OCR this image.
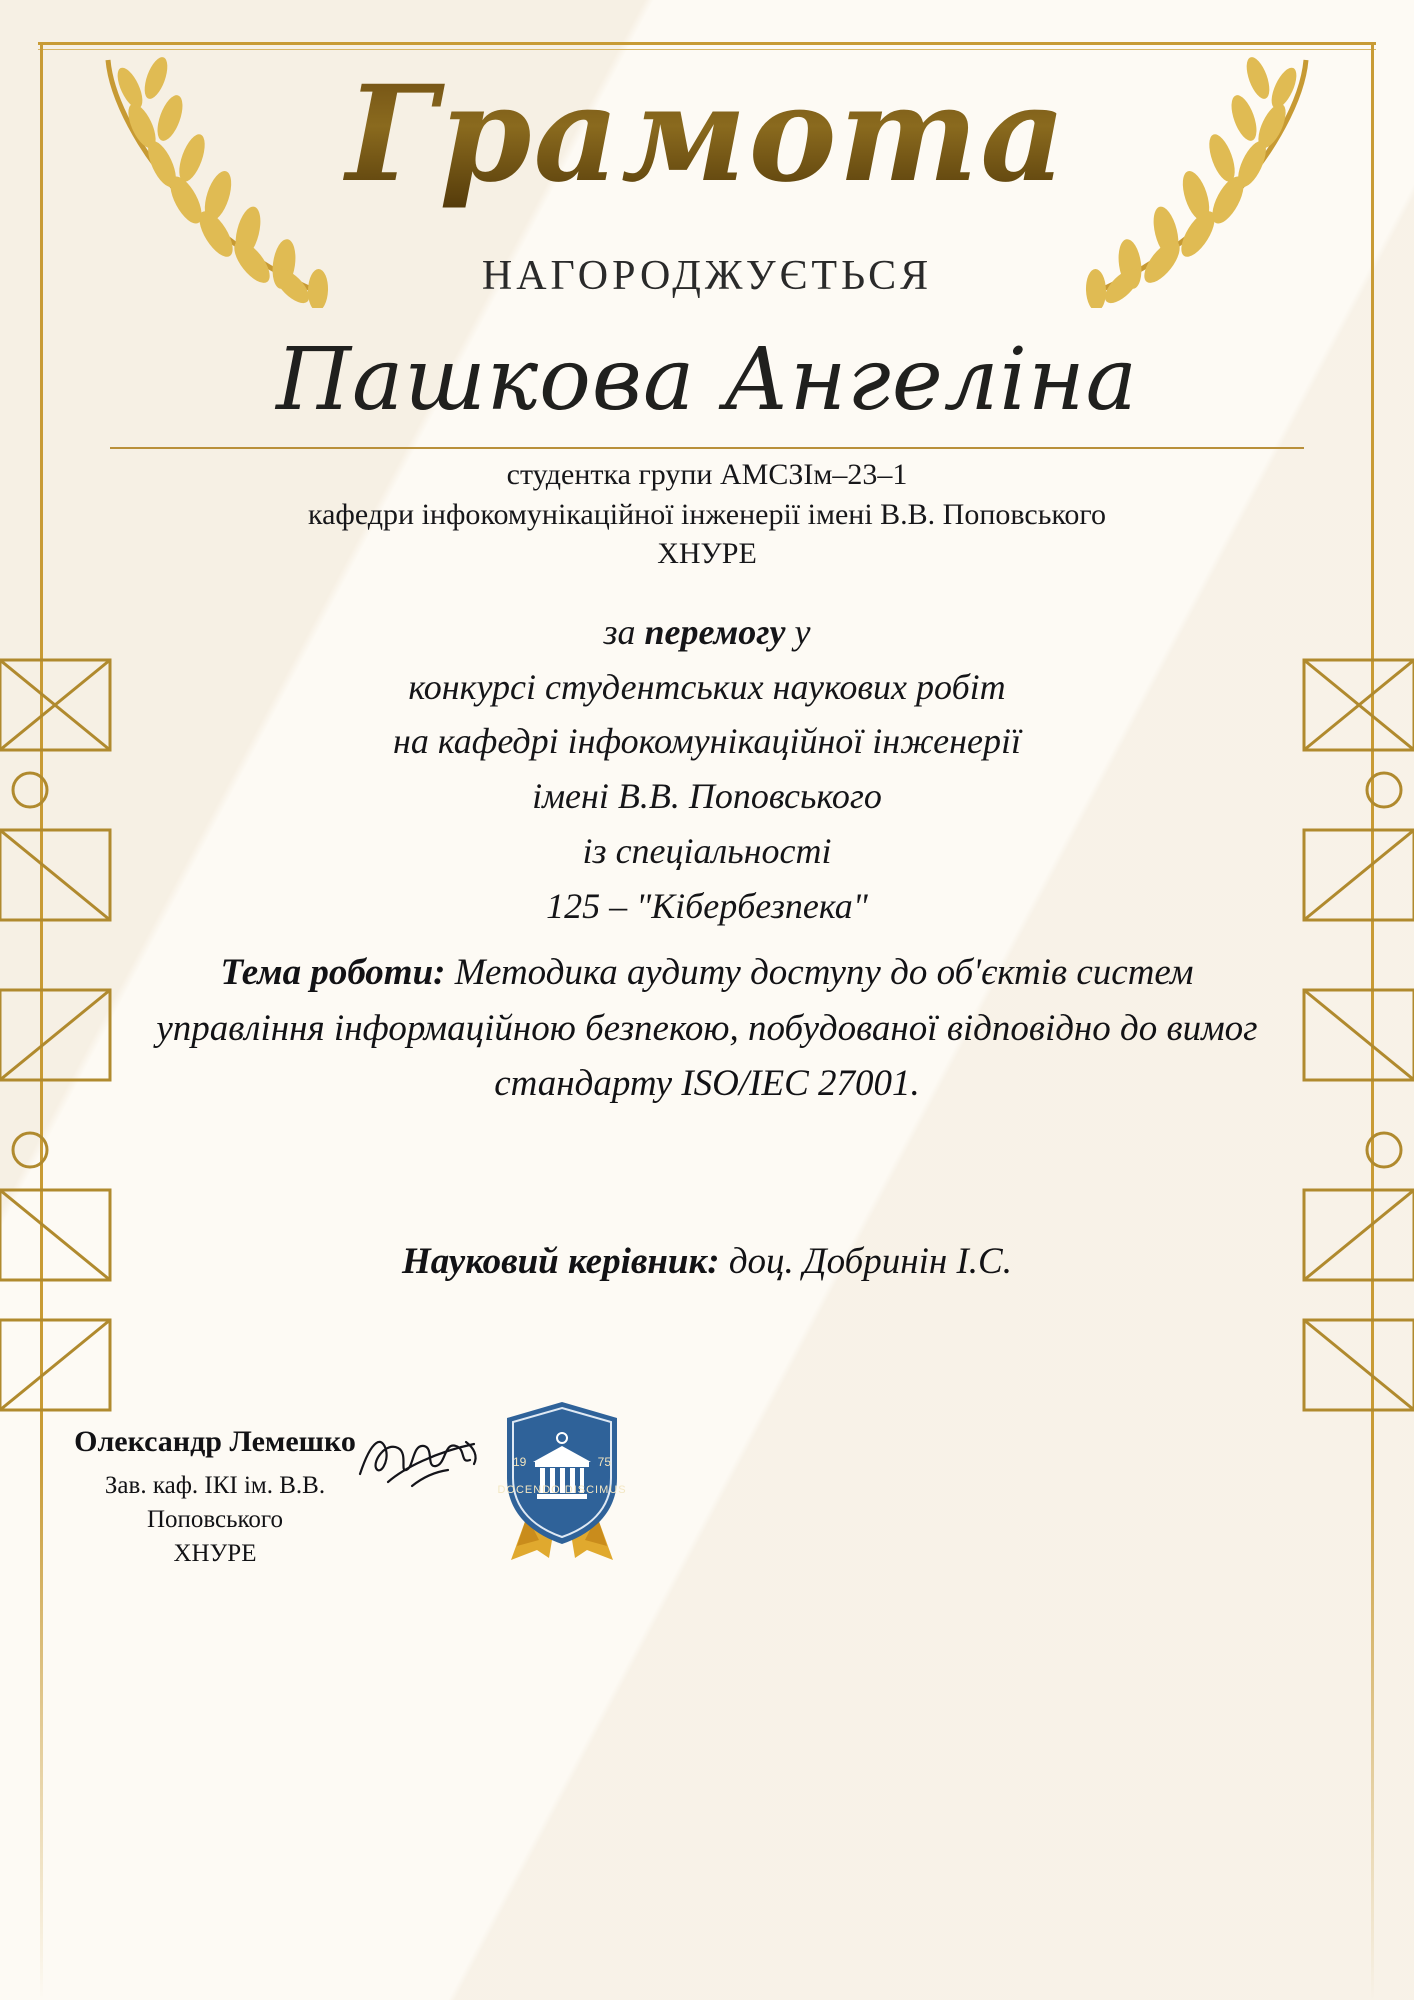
Грамота
НАГОРОДЖУЄТЬСЯ
Пашкова Ангеліна
студентка групи АМСЗІм–23–1
кафедри інфокомунікаційної інженерії імені В.В. Поповського
ХНУРЕ
за перемогу у
конкурсі студентських наукових робіт
на кафедрі інфокомунікаційної інженерії
імені В.В. Поповського
із спеціальності
125 – "Кібербезпека"
Тема роботи: Методика аудиту доступу до об'єктів систем управління інформаційною безпекою, побудованої відповідно до вимог стандарту ISO/IEC 27001.
Науковий керівник: доц. Добринін І.С.
Олександр Лемешко
Зав. каф. ІКІ ім. В.В.
Поповського
ХНУРЕ
19	75
DOCENDO DISCIMUS
